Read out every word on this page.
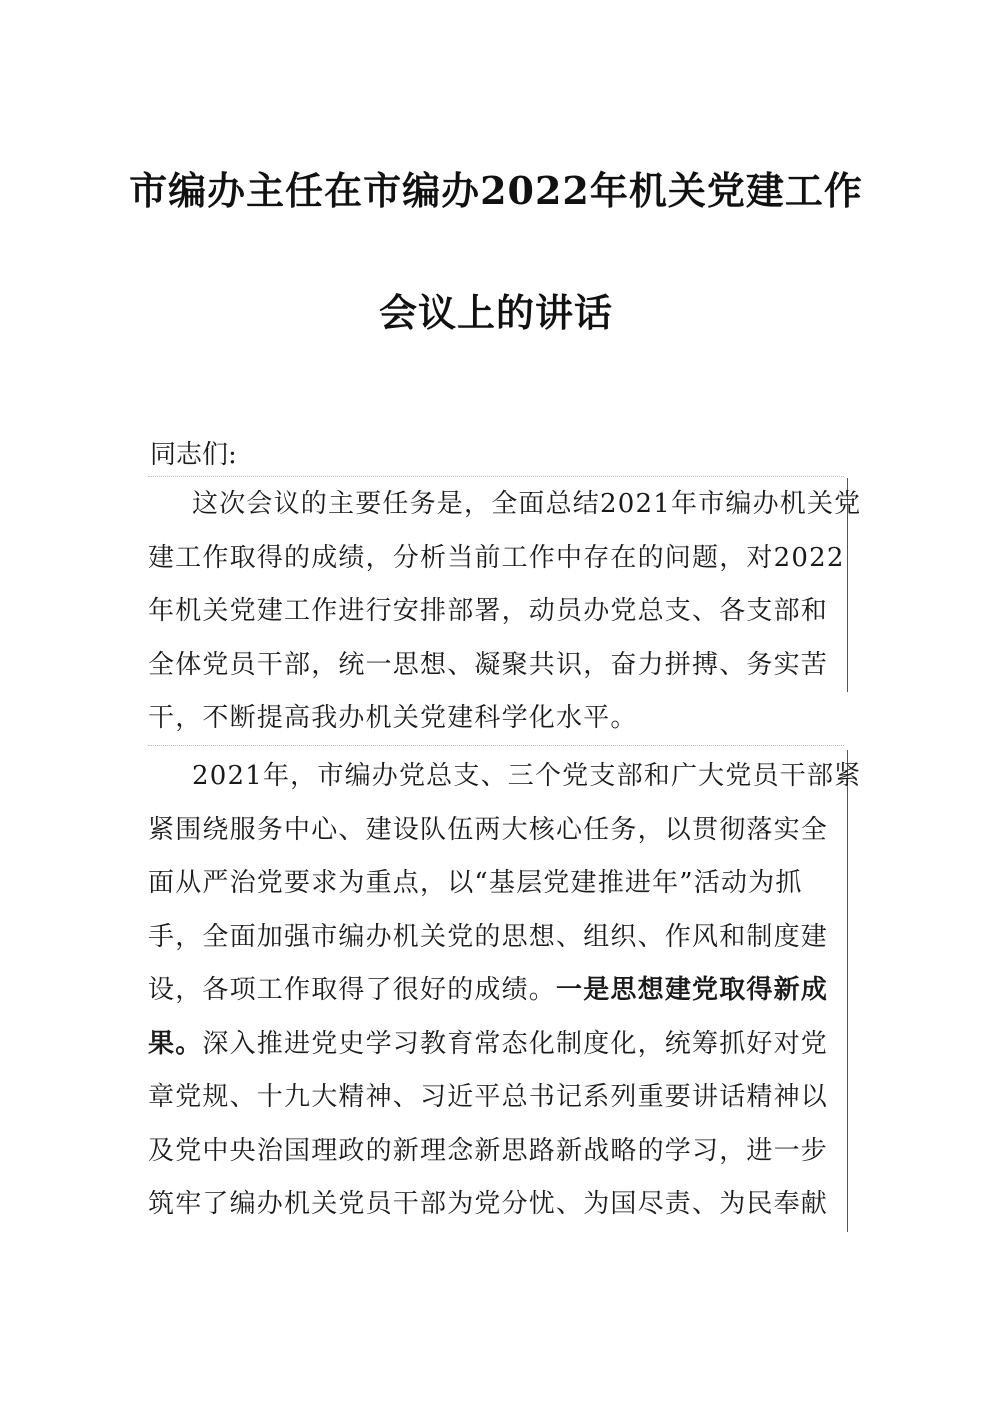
市编办主任在市编办2022年机关党建工作
会议上的讲话
同志们:
这次会议的主要任务是，全面总结2021年市编办机关党
建工作取得的成绩，分析当前工作中存在的问题，对2022
年机关党建工作进行安排部署，动员办党总支、各支部和
全体党员干部，统一思想、凝聚共识，奋力拼搏、务实苦
干，不断提高我办机关党建科学化水平。
2021年，市编办党总支、三个党支部和广大党员干部紧
紧围绕服务中心、建设队伍两大核心任务，以贯彻落实全
面从严治党要求为重点，以“基层党建推进年”活动为抓
手，全面加强市编办机关党的思想、组织、作风和制度建
设，各项工作取得了很好的成绩。一是思想建党取得新成
果。深入推进党史学习教育常态化制度化，统筹抓好对党
章党规、十九大精神、习近平总书记系列重要讲话精神以
及党中央治国理政的新理念新思路新战略的学习，进一步
筑牢了编办机关党员干部为党分忧、为国尽责、为民奉献
